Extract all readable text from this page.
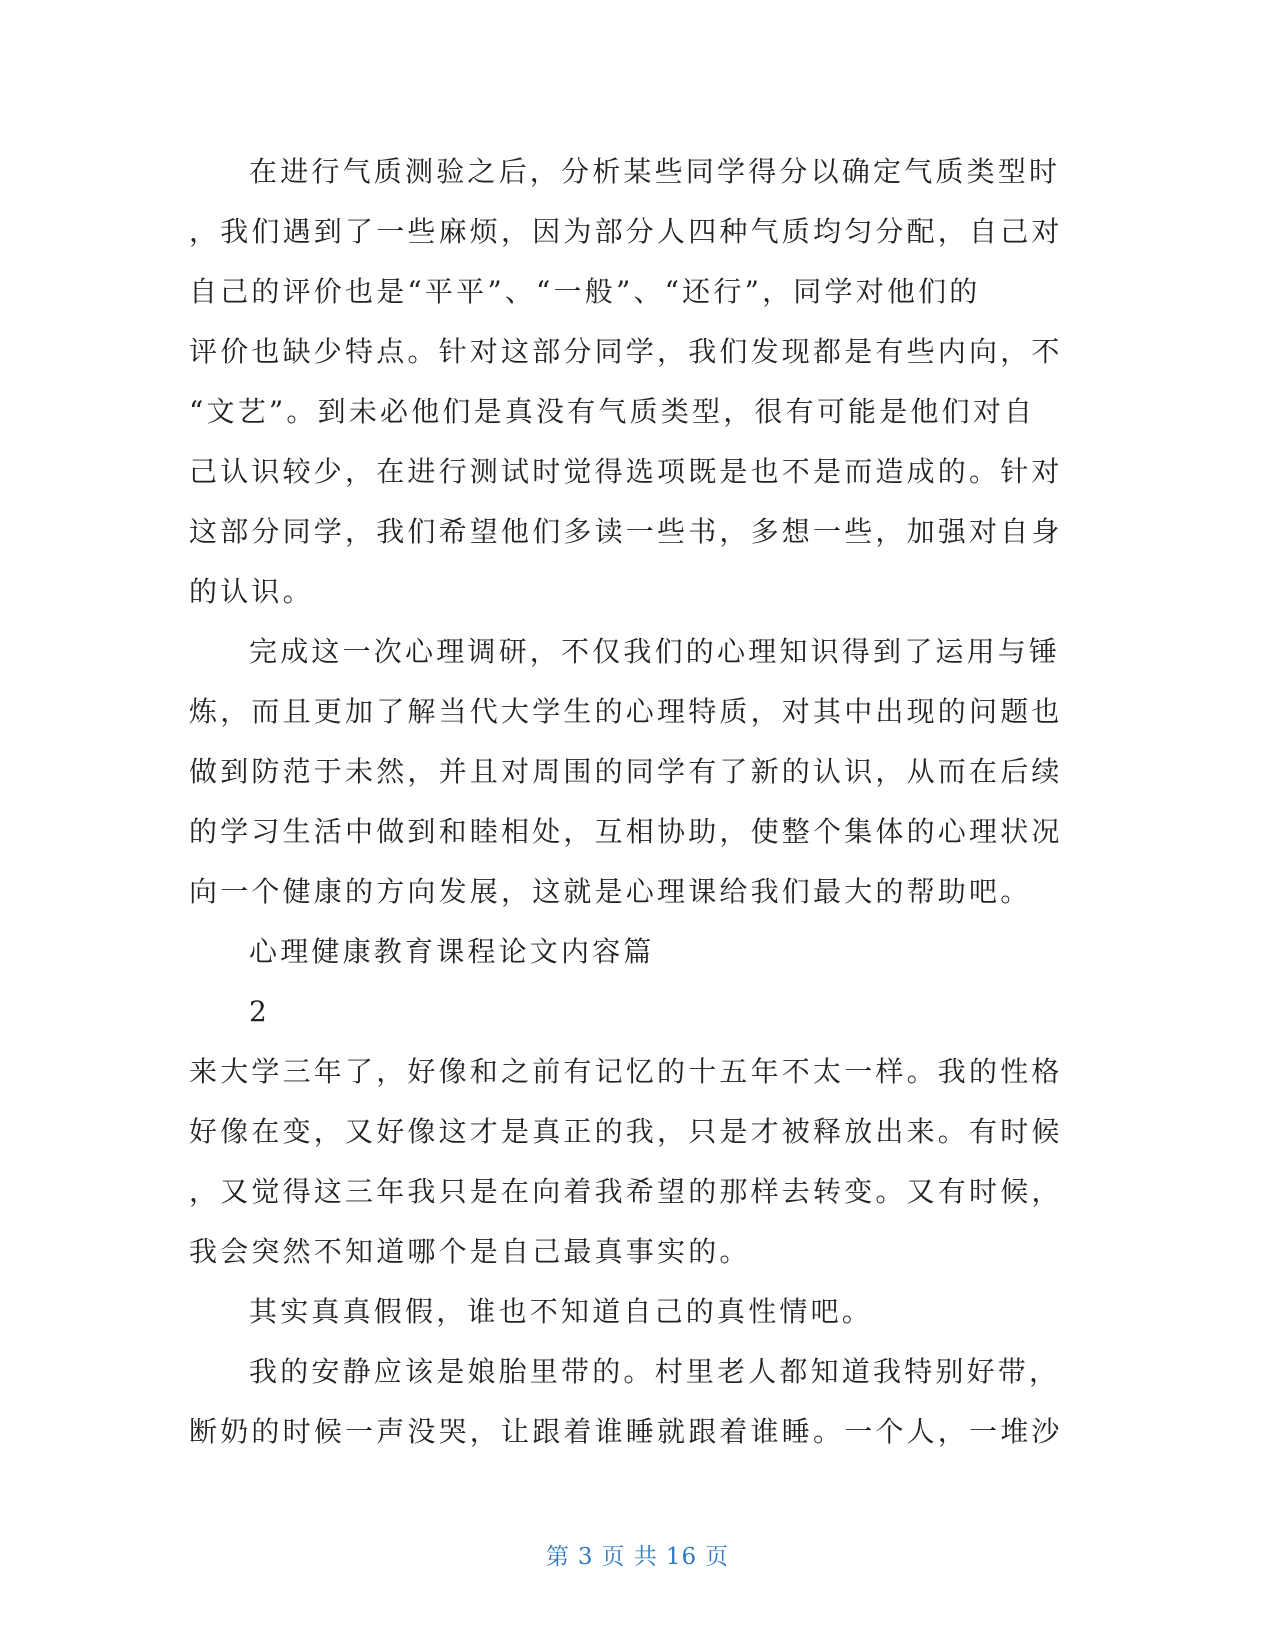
在进行气质测验之后，分析某些同学得分以确定气质类型时
，我们遇到了一些麻烦，因为部分人四种气质均匀分配，自己对
自己的评价也是“平平”、“一般”、“还行”，同学对他们的
评价也缺少特点。针对这部分同学，我们发现都是有些内向，不
“文艺”。到未必他们是真没有气质类型，很有可能是他们对自
己认识较少，在进行测试时觉得选项既是也不是而造成的。针对
这部分同学，我们希望他们多读一些书，多想一些，加强对自身
的认识。
完成这一次心理调研，不仅我们的心理知识得到了运用与锤
炼，而且更加了解当代大学生的心理特质，对其中出现的问题也
做到防范于未然，并且对周围的同学有了新的认识，从而在后续
的学习生活中做到和睦相处，互相协助，使整个集体的心理状况
向一个健康的方向发展，这就是心理课给我们最大的帮助吧。
心理健康教育课程论文内容篇
2
来大学三年了，好像和之前有记忆的十五年不太一样。我的性格
好像在变，又好像这才是真正的我，只是才被释放出来。有时候
，又觉得这三年我只是在向着我希望的那样去转变。又有时候，
我会突然不知道哪个是自己最真事实的。
其实真真假假，谁也不知道自己的真性情吧。
我的安静应该是娘胎里带的。村里老人都知道我特别好带，
断奶的时候一声没哭，让跟着谁睡就跟着谁睡。一个人，一堆沙
第 3 页 共 16 页
